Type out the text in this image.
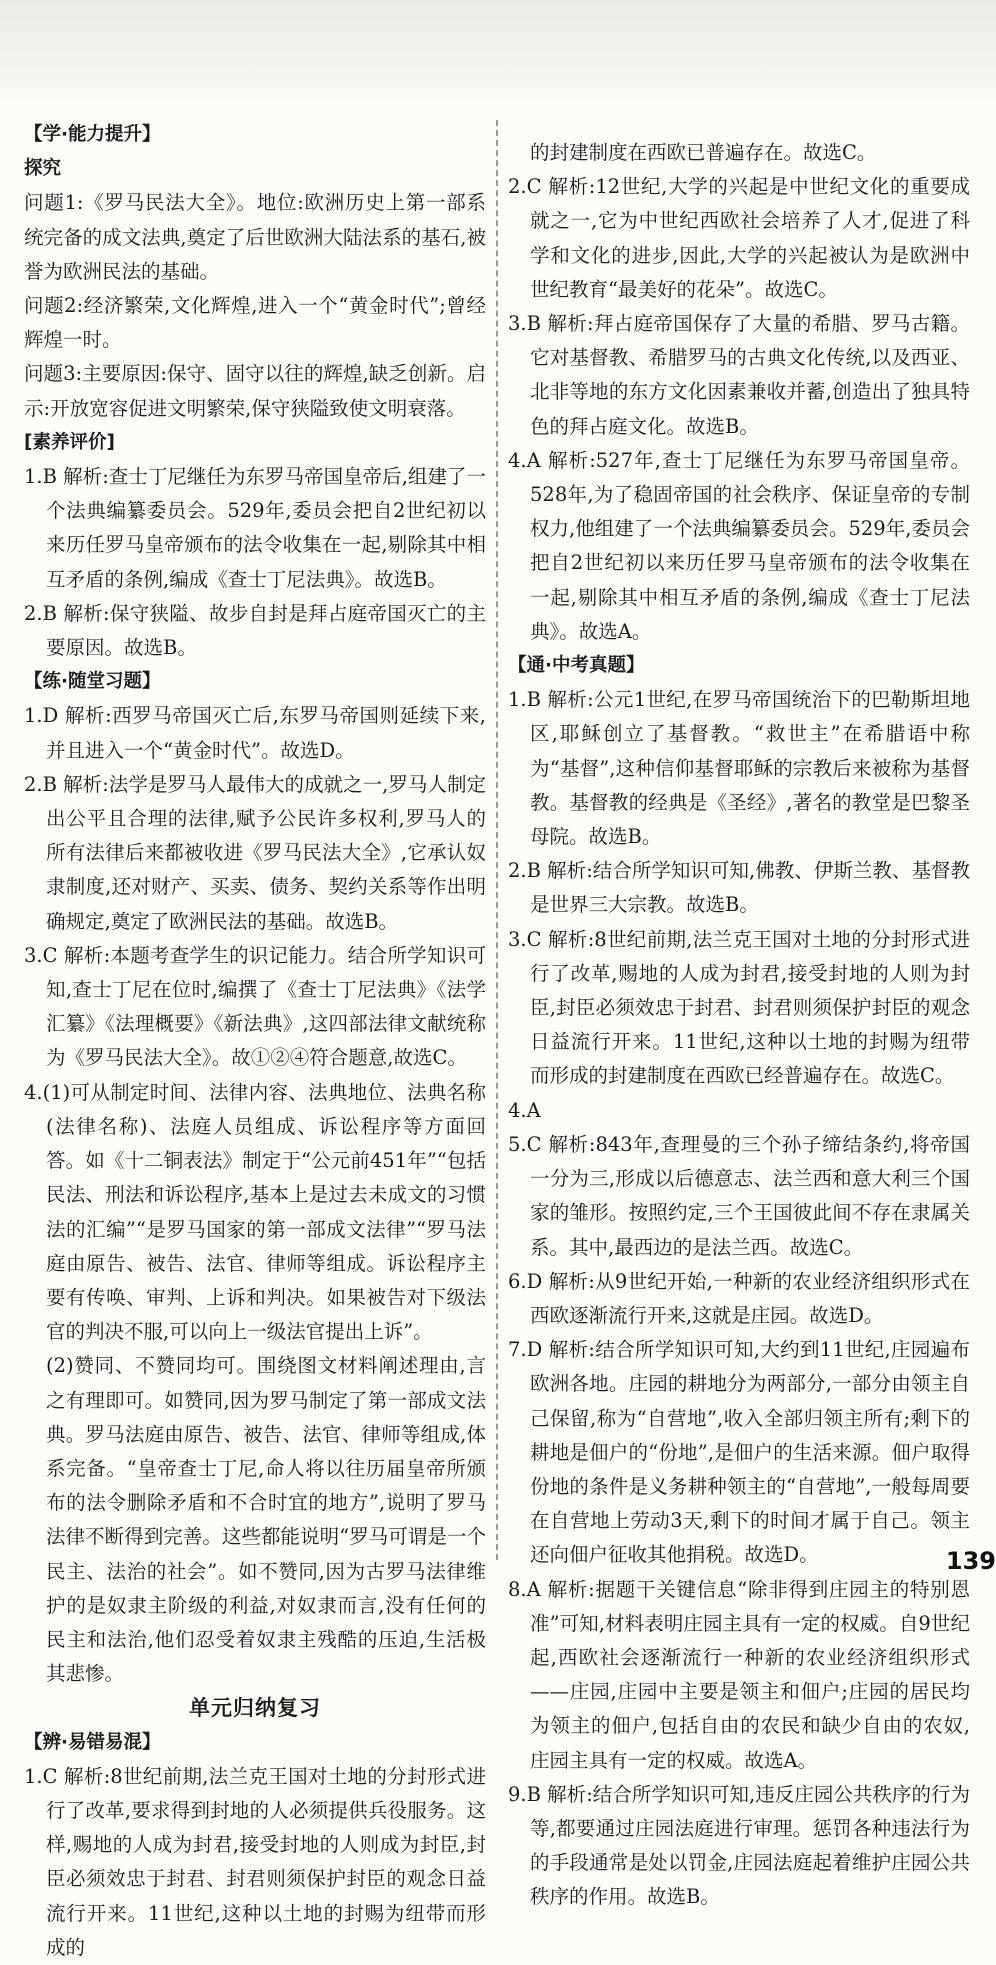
【学·能力提升】
探究
问题1:《罗马民法大全》。地位:欧洲历史上第一部系统完备的成文法典,奠定了后世欧洲大陆法系的基石,被誉为欧洲民法的基础。
问题2:经济繁荣,文化辉煌,进入一个“黄金时代”;曾经辉煌一时。
问题3:主要原因:保守、固守以往的辉煌,缺乏创新。启示:开放宽容促进文明繁荣,保守狭隘致使文明衰落。
[素养评价]
1.B 解析:查士丁尼继任为东罗马帝国皇帝后,组建了一个法典编纂委员会。529年,委员会把自2世纪初以来历任罗马皇帝颁布的法令收集在一起,剔除其中相互矛盾的条例,编成《查士丁尼法典》。故选B。
2.B 解析:保守狭隘、故步自封是拜占庭帝国灭亡的主要原因。故选B。
【练·随堂习题】
1.D 解析:西罗马帝国灭亡后,东罗马帝国则延续下来,并且进入一个“黄金时代”。故选D。
2.B 解析:法学是罗马人最伟大的成就之一,罗马人制定出公平且合理的法律,赋予公民许多权利,罗马人的所有法律后来都被收进《罗马民法大全》,它承认奴隶制度,还对财产、买卖、债务、契约关系等作出明确规定,奠定了欧洲民法的基础。故选B。
3.C 解析:本题考查学生的识记能力。结合所学知识可知,查士丁尼在位时,编撰了《查士丁尼法典》《法学汇纂》《法理概要》《新法典》,这四部法律文献统称为《罗马民法大全》。故①②④符合题意,故选C。
4.(1)可从制定时间、法律内容、法典地位、法典名称(法律名称)、法庭人员组成、诉讼程序等方面回答。如《十二铜表法》制定于“公元前451年”“包括民法、刑法和诉讼程序,基本上是过去未成文的习惯法的汇编”“是罗马国家的第一部成文法律”“罗马法庭由原告、被告、法官、律师等组成。诉讼程序主要有传唤、审判、上诉和判决。如果被告对下级法官的判决不服,可以向上一级法官提出上诉”。
(2)赞同、不赞同均可。围绕图文材料阐述理由,言之有理即可。如赞同,因为罗马制定了第一部成文法典。罗马法庭由原告、被告、法官、律师等组成,体系完备。“皇帝查士丁尼,命人将以往历届皇帝所颁布的法令删除矛盾和不合时宜的地方”,说明了罗马法律不断得到完善。这些都能说明“罗马可谓是一个民主、法治的社会”。如不赞同,因为古罗马法律维护的是奴隶主阶级的利益,对奴隶而言,没有任何的民主和法治,他们忍受着奴隶主残酷的压迫,生活极其悲惨。
单元归纳复习
【辨·易错易混】
1.C 解析:8世纪前期,法兰克王国对土地的分封形式进行了改革,要求得到封地的人必须提供兵役服务。这样,赐地的人成为封君,接受封地的人则成为封臣,封臣必须效忠于封君、封君则须保护封臣的观念日益流行开来。11世纪,这种以土地的封赐为纽带而形成的
的封建制度在西欧已普遍存在。故选C。
2.C 解析:12世纪,大学的兴起是中世纪文化的重要成就之一,它为中世纪西欧社会培养了人才,促进了科学和文化的进步,因此,大学的兴起被认为是欧洲中世纪教育“最美好的花朵”。故选C。
3.B 解析:拜占庭帝国保存了大量的希腊、罗马古籍。它对基督教、希腊罗马的古典文化传统,以及西亚、北非等地的东方文化因素兼收并蓄,创造出了独具特色的拜占庭文化。故选B。
4.A 解析:527年,查士丁尼继任为东罗马帝国皇帝。528年,为了稳固帝国的社会秩序、保证皇帝的专制权力,他组建了一个法典编纂委员会。529年,委员会把自2世纪初以来历任罗马皇帝颁布的法令收集在一起,剔除其中相互矛盾的条例,编成《查士丁尼法典》。故选A。
【通·中考真题】
1.B 解析:公元1世纪,在罗马帝国统治下的巴勒斯坦地区,耶稣创立了基督教。“救世主”在希腊语中称为“基督”,这种信仰基督耶稣的宗教后来被称为基督教。基督教的经典是《圣经》,著名的教堂是巴黎圣母院。故选B。
2.B 解析:结合所学知识可知,佛教、伊斯兰教、基督教是世界三大宗教。故选B。
3.C 解析:8世纪前期,法兰克王国对土地的分封形式进行了改革,赐地的人成为封君,接受封地的人则为封臣,封臣必须效忠于封君、封君则须保护封臣的观念日益流行开来。11世纪,这种以土地的封赐为纽带而形成的封建制度在西欧已经普遍存在。故选C。
4.A
5.C 解析:843年,查理曼的三个孙子缔结条约,将帝国一分为三,形成以后德意志、法兰西和意大利三个国家的雏形。按照约定,三个王国彼此间不存在隶属关系。其中,最西边的是法兰西。故选C。
6.D 解析:从9世纪开始,一种新的农业经济组织形式在西欧逐渐流行开来,这就是庄园。故选D。
7.D 解析:结合所学知识可知,大约到11世纪,庄园遍布欧洲各地。庄园的耕地分为两部分,一部分由领主自己保留,称为“自营地”,收入全部归领主所有;剩下的耕地是佃户的“份地”,是佃户的生活来源。佃户取得份地的条件是义务耕种领主的“自营地”,一般每周要在自营地上劳动3天,剩下的时间才属于自己。领主还向佃户征收其他捐税。故选D。
8.A 解析:据题干关键信息“除非得到庄园主的特别恩准”可知,材料表明庄园主具有一定的权威。自9世纪起,西欧社会逐渐流行一种新的农业经济组织形式——庄园,庄园中主要是领主和佃户;庄园的居民均为领主的佃户,包括自由的农民和缺少自由的农奴,庄园主具有一定的权威。故选A。
9.B 解析:结合所学知识可知,违反庄园公共秩序的行为等,都要通过庄园法庭进行审理。惩罚各种违法行为的手段通常是处以罚金,庄园法庭起着维护庄园公共秩序的作用。故选B。
139
